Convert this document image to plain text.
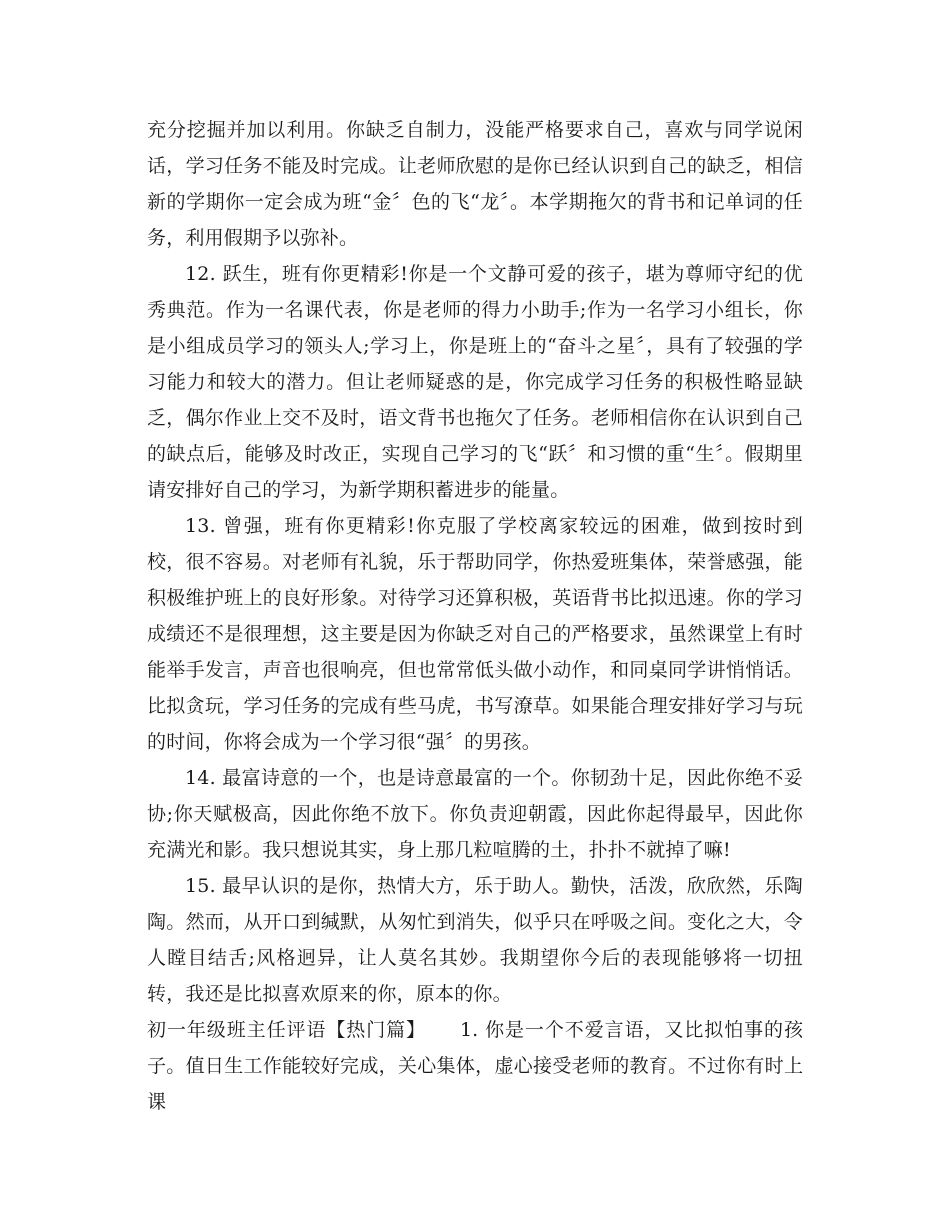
充分挖掘并加以利用。你缺乏自制力，没能严格要求自己，喜欢与同学说闲话，学习任务不能及时完成。让老师欣慰的是你已经认识到自己的缺乏，相信新的学期你一定会成为班“金〞色的飞“龙〞。本学期拖欠的背书和记单词的任务，利用假期予以弥补。

12. 跃生，班有你更精彩!你是一个文静可爱的孩子，堪为尊师守纪的优秀典范。作为一名课代表，你是老师的得力小助手;作为一名学习小组长，你是小组成员学习的领头人;学习上，你是班上的“奋斗之星〞，具有了较强的学习能力和较大的潜力。但让老师疑惑的是，你完成学习任务的积极性略显缺乏，偶尔作业上交不及时，语文背书也拖欠了任务。老师相信你在认识到自己的缺点后，能够及时改正，实现自己学习的飞“跃〞和习惯的重“生〞。假期里请安排好自己的学习，为新学期积蓄进步的能量。

13. 曾强，班有你更精彩!你克服了学校离家较远的困难，做到按时到校，很不容易。对老师有礼貌，乐于帮助同学，你热爱班集体，荣誉感强，能积极维护班上的良好形象。对待学习还算积极，英语背书比拟迅速。你的学习成绩还不是很理想，这主要是因为你缺乏对自己的严格要求，虽然课堂上有时能举手发言，声音也很响亮，但也常常低头做小动作，和同桌同学讲悄悄话。比拟贪玩，学习任务的完成有些马虎，书写潦草。如果能合理安排好学习与玩的时间，你将会成为一个学习很“强〞的男孩。

14. 最富诗意的一个，也是诗意最富的一个。你韧劲十足，因此你绝不妥协;你天赋极高，因此你绝不放下。你负责迎朝霞，因此你起得最早，因此你充满光和影。我只想说其实，身上那几粒喧腾的土，扑扑不就掉了嘛!

15. 最早认识的是你，热情大方，乐于助人。勤快，活泼，欣欣然，乐陶陶。然而，从开口到缄默，从匆忙到消失，似乎只在呼吸之间。变化之大，令人瞠目结舌;风格迥异，让人莫名其妙。我期望你今后的表现能够将一切扭转，我还是比拟喜欢原来的你，原本的你。

初一年级班主任评语【热门篇】 1. 你是一个不爱言语，又比拟怕事的孩子。值日生工作能较好完成，关心集体，虚心接受老师的教育。不过你有时上课
